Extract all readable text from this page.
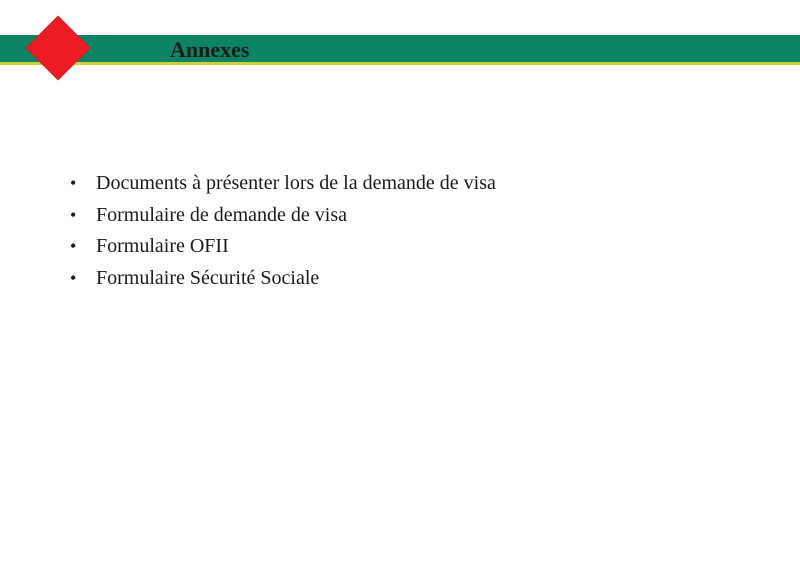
Annexes
• Documents à présenter lors de la demande de visa
• Formulaire de demande de visa
• Formulaire OFII
• Formulaire Sécurité Sociale
